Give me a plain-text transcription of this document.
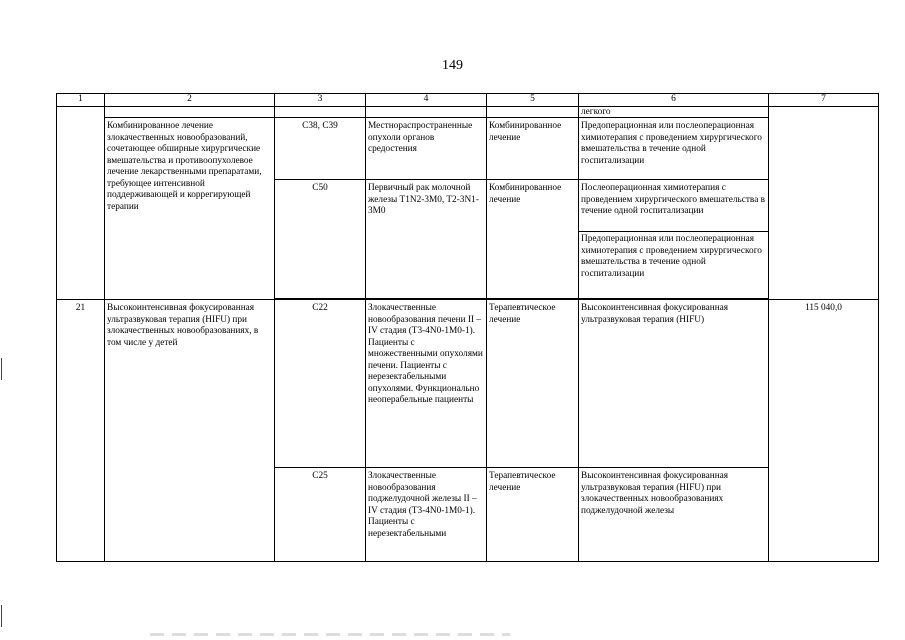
149
1	2	3	4	5	6	7
					легкого	
	Комбинированное лечение злокачественных новообразований, сочетающее обширные хирургические вмешательства и противоопухолевое лечение лекарственными препаратами, требующее интенсивной поддерживающей и коррегирующей терапии	C38, C39	Местнораспространенные опухоли органов средостения	Комбинированное лечение	Предоперационная или послеоперационная химиотерапия с проведением хирургического вмешательства в течение одной госпитализации	
		C50	Первичный рак молочной железы T1N2-3M0, T2-3N1-3M0	Комбинированное лечение	Послеоперационная химиотерапия с проведением хирургического вмешательства в течение одной госпитализации	
					Предоперационная или послеоперационная химиотерапия с проведением хирургического вмешательства в течение одной госпитализации	

21	Высокоинтенсивная фокусированная ультразвуковая терапия (HIFU) при злокачественных новообразованиях, в том числе у детей	C22	Злокачественные новообразования печени II – IV стадия (T3-4N0-1M0-1). Пациенты с множественными опухолями печени. Пациенты с нерезектабельными опухолями. Функционально неоперабельные пациенты	Терапевтическое лечение	Высокоинтенсивная фокусированная ультразвуковая терапия (HIFU)	115 040,0
		C25	Злокачественные новообразования поджелудочной железы II – IV стадия (T3-4N0-1M0-1). Пациенты с нерезектабельными	Терапевтическое лечение	Высокоинтенсивная фокусированная ультразвуковая терапия (HIFU) при злокачественных новообразованиях поджелудочной железы	
